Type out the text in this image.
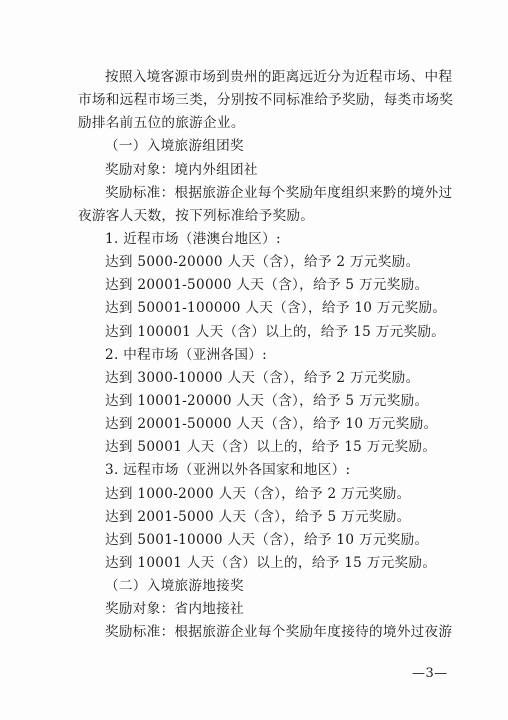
按照入境客源市场到贵州的距离远近分为近程市场、中程
市场和远程市场三类，分别按不同标准给予奖励，每类市场奖
励排名前五位的旅游企业。
（一）入境旅游组团奖
奖励对象：境内外组团社
奖励标准：根据旅游企业每个奖励年度组织来黔的境外过
夜游客人天数，按下列标准给予奖励。
1. 近程市场（港澳台地区）:
达到 5000-20000 人天（含），给予 2 万元奖励。
达到 20001-50000 人天（含），给予 5 万元奖励。
达到 50001-100000 人天（含），给予 10 万元奖励。
达到 100001 人天（含）以上的，给予 15 万元奖励。
2. 中程市场（亚洲各国）:
达到 3000-10000 人天（含），给予 2 万元奖励。
达到 10001-20000 人天（含），给予 5 万元奖励。
达到 20001-50000 人天（含），给予 10 万元奖励。
达到 50001 人天（含）以上的，给予 15 万元奖励。
3. 远程市场（亚洲以外各国家和地区）:
达到 1000-2000 人天（含），给予 2 万元奖励。
达到 2001-5000 人天（含），给予 5 万元奖励。
达到 5001-10000 人天（含），给予 10 万元奖励。
达到 10001 人天（含）以上的，给予 15 万元奖励。
（二）入境旅游地接奖
奖励对象：省内地接社
奖励标准：根据旅游企业每个奖励年度接待的境外过夜游
—3—
